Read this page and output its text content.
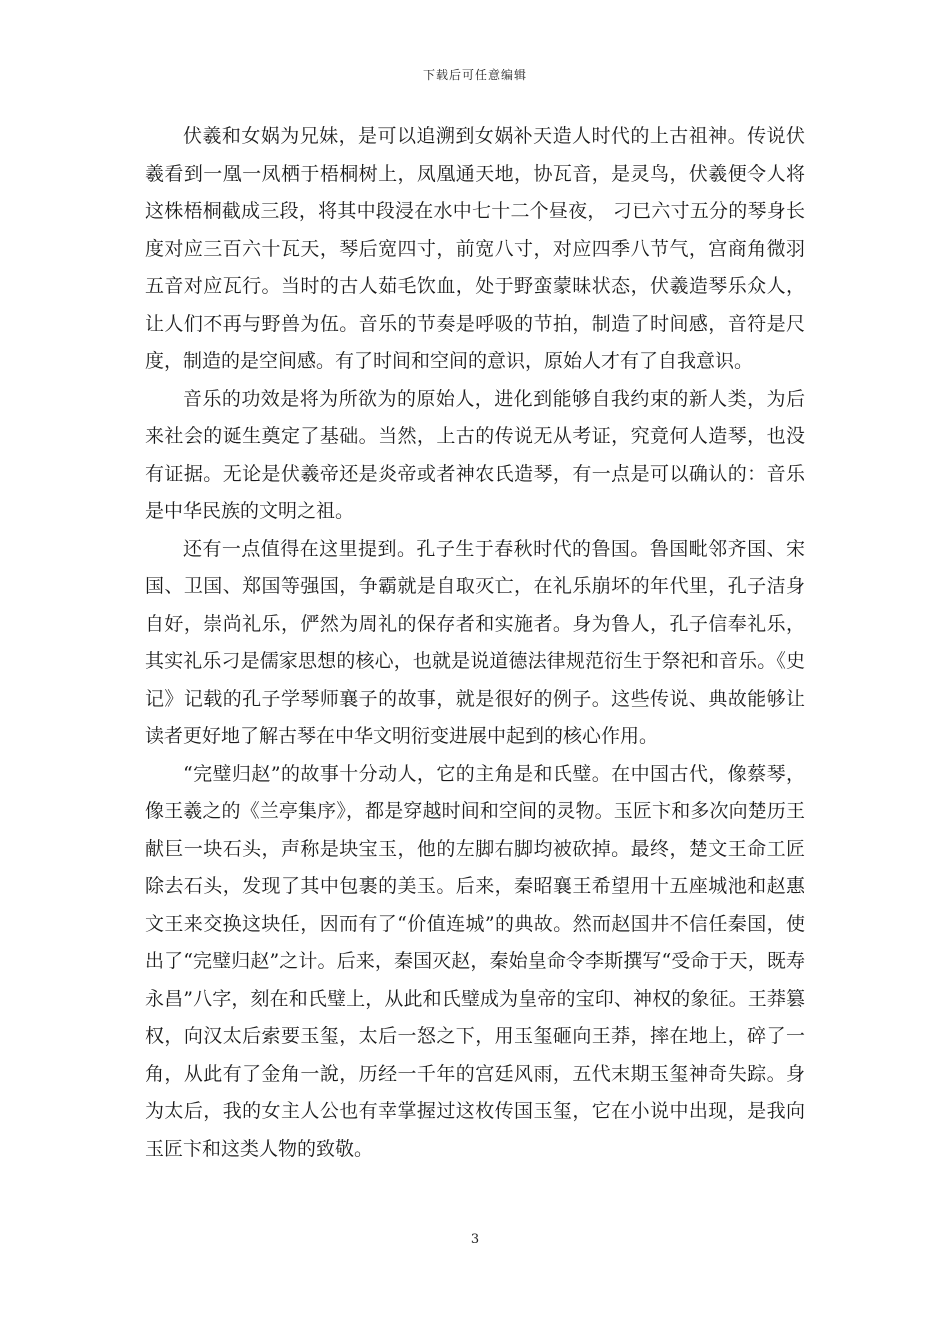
下载后可任意编辑

伏羲和女娲为兄妹，是可以追溯到女娲补天造人时代的上古祖神。传说伏羲看到一凰一凤栖于梧桐树上，凤凰通天地，协瓦音，是灵鸟，伏羲便令人将这株梧桐截成三段，将其中段浸在水中七十二个昼夜， 刁已六寸五分的琴身长度对应三百六十瓦天，琴后宽四寸，前宽八寸，对应四季八节气，宫商角微羽五音对应瓦行。当时的古人茹毛饮血，处于野蛮蒙昧状态，伏羲造琴乐众人，让人们不再与野兽为伍。音乐的节奏是呼吸的节拍，制造了时间感，音符是尺度，制造的是空间感。有了时间和空间的意识，原始人才有了自我意识。

音乐的功效是将为所欲为的原始人，进化到能够自我约束的新人类，为后来社会的诞生奠定了基础。当然，上古的传说无从考证，究竟何人造琴，也没有证据。无论是伏羲帝还是炎帝或者神农氏造琴，有一点是可以确认的：音乐是中华民族的文明之祖。

还有一点值得在这里提到。孔子生于春秋时代的鲁国。鲁国毗邻齐国、宋国、卫国、郑国等强国，争霸就是自取灭亡，在礼乐崩坏的年代里，孔子洁身自好，崇尚礼乐，俨然为周礼的保存者和实施者。身为鲁人，孔子信奉礼乐，其实礼乐刁是儒家思想的核心，也就是说道德法律规范衍生于祭祀和音乐。《史记》记载的孔子学琴师襄子的故事，就是很好的例子。这些传说、典故能够让读者更好地了解古琴在中华文明衍变进展中起到的核心作用。

“完璧归赵”的故事十分动人，它的主角是和氏璧。在中国古代，像蔡琴，像王羲之的《兰亭集序》，都是穿越时间和空间的灵物。玉匠卞和多次向楚历王献巨一块石头，声称是块宝玉，他的左脚右脚均被砍掉。最终，楚文王命工匠除去石头，发现了其中包裹的美玉。后来，秦昭襄王希望用十五座城池和赵惠文王来交换这块任，因而有了“价值连城”的典故。然而赵国井不信任秦国，使出了“完璧归赵”之计。后来，秦国灭赵，秦始皇命令李斯撰写“受命于天，既寿永昌”八字，刻在和氏璧上，从此和氏璧成为皇帝的宝印、神权的象征。王莽篡权，向汉太后索要玉玺，太后一怒之下，用玉玺砸向王莽，摔在地上，碎了一角，从此有了金角一說，历经一千年的宫廷风雨，五代末期玉玺神奇失踪。身为太后，我的女主人公也有幸掌握过这枚传国玉玺，它在小说中出现，是我向玉匠卞和这类人物的致敬。

3
